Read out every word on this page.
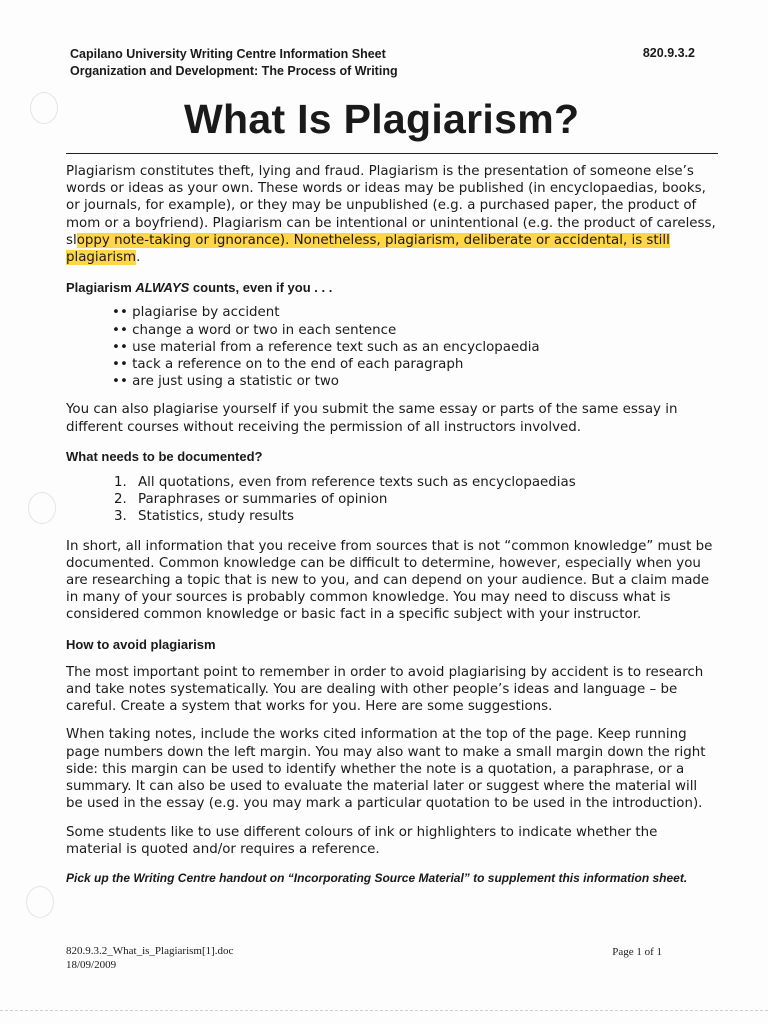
Capilano University Writing Centre Information Sheet
Organization and Development: The Process of Writing
820.9.3.2
What Is Plagiarism?

Plagiarism constitutes theft, lying and fraud. Plagiarism is the presentation of someone else’s words or ideas as your own. These words or ideas may be published (in encyclopaedias, books, or journals, for example), or they may be unpublished (e.g. a purchased paper, the product of mom or a boyfriend). Plagiarism can be intentional or unintentional (e.g. the product of careless, sloppy note-taking or ignorance). Nonetheless, plagiarism, deliberate or accidental, is still plagiarism.

Plagiarism ALWAYS counts, even if you . . .

• • plagiarise by accident
• • change a word or two in each sentence
• • use material from a reference text such as an encyclopaedia
• • tack a reference on to the end of each paragraph
• • are just using a statistic or two

You can also plagiarise yourself if you submit the same essay or parts of the same essay in different courses without receiving the permission of all instructors involved.

What needs to be documented?

1. All quotations, even from reference texts such as encyclopaedias
2. Paraphrases or summaries of opinion
3. Statistics, study results

In short, all information that you receive from sources that is not “common knowledge” must be documented. Common knowledge can be difficult to determine, however, especially when you are researching a topic that is new to you, and can depend on your audience. But a claim made in many of your sources is probably common knowledge. You may need to discuss what is considered common knowledge or basic fact in a specific subject with your instructor.

How to avoid plagiarism

The most important point to remember in order to avoid plagiarising by accident is to research and take notes systematically. You are dealing with other people’s ideas and language – be careful. Create a system that works for you. Here are some suggestions.

When taking notes, include the works cited information at the top of the page. Keep running page numbers down the left margin. You may also want to make a small margin down the right side: this margin can be used to identify whether the note is a quotation, a paraphrase, or a summary. It can also be used to evaluate the material later or suggest where the material will be used in the essay (e.g. you may mark a particular quotation to be used in the introduction).

Some students like to use different colours of ink or highlighters to indicate whether the material is quoted and/or requires a reference.

Pick up the Writing Centre handout on “Incorporating Source Material” to supplement this information sheet.

820.9.3.2_What_is_Plagiarism[1].doc
18/09/2009
Page 1 of 1
